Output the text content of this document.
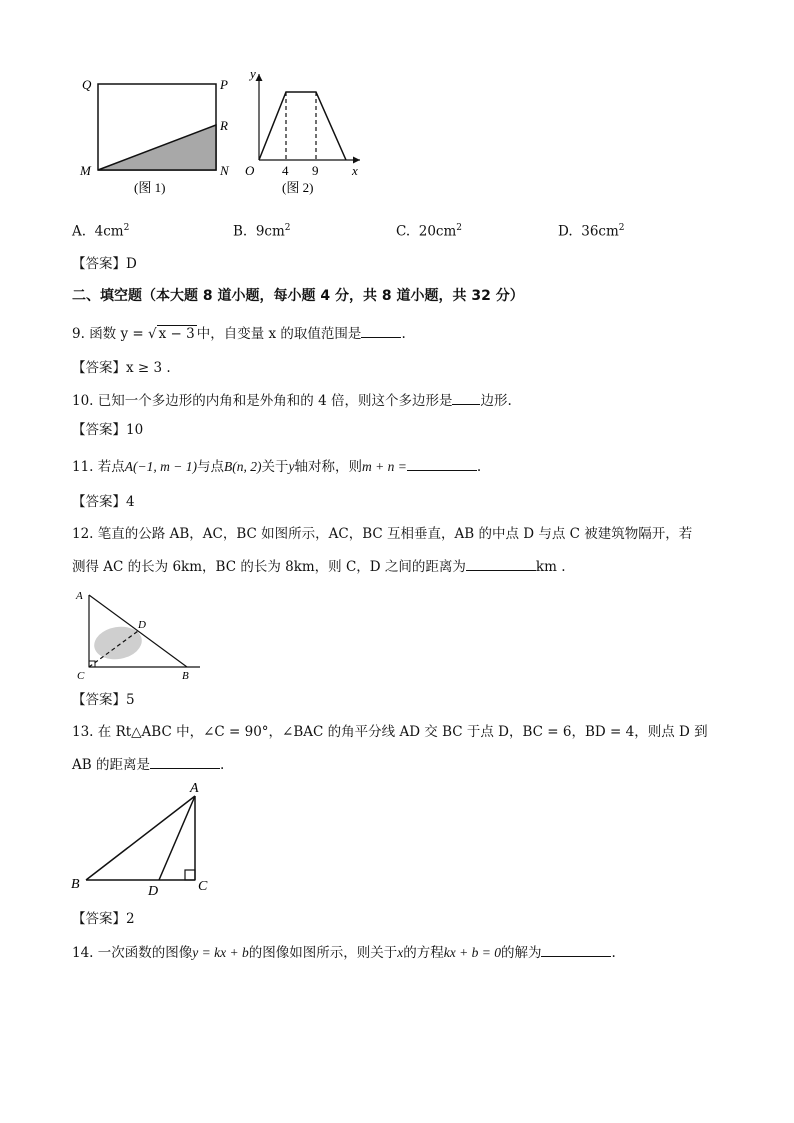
Q	P
R
M	N
(图 1)
y
O 4 9	x
(图 2)
A. $4cm^2$	B. $9cm^2$	C. $20cm^2$	D. $36cm^2$
【答案】D
二、填空题（本大题 8 道小题，每小题 4 分，共 8 道小题，共 32 分）
9. 函数 y = √ x − 3 中，自变量 x 的取值范围是	.
【答案】x ≥ 3 .
10. 已知一个多边形的内角和是外角和的 4 倍，则这个多边形是 边形.
【答案】10
11. 若点A(−1, m − 1)与点B(n, 2)关于y轴对称，则m + n =	.
【答案】4
12. 笔直的公路 AB，AC，BC 如图所示，AC，BC 互相垂直，AB 的中点 D 与点 C 被建筑物隔开，若
测得 AC 的长为 6km，BC 的长为 8km，则 C，D 之间的距离为	km .
A
D
C	B
【答案】5
13. 在 Rt△ABC 中，∠C = 90°，∠BAC 的角平分线 AD 交 BC 于点 D，BC = 6，BD = 4，则点 D 到
AB 的距离是	.
A
B	D	C
【答案】2
14. 一次函数的图像y = kx + b的图像如图所示，则关于x的方程kx + b = 0的解为	.
